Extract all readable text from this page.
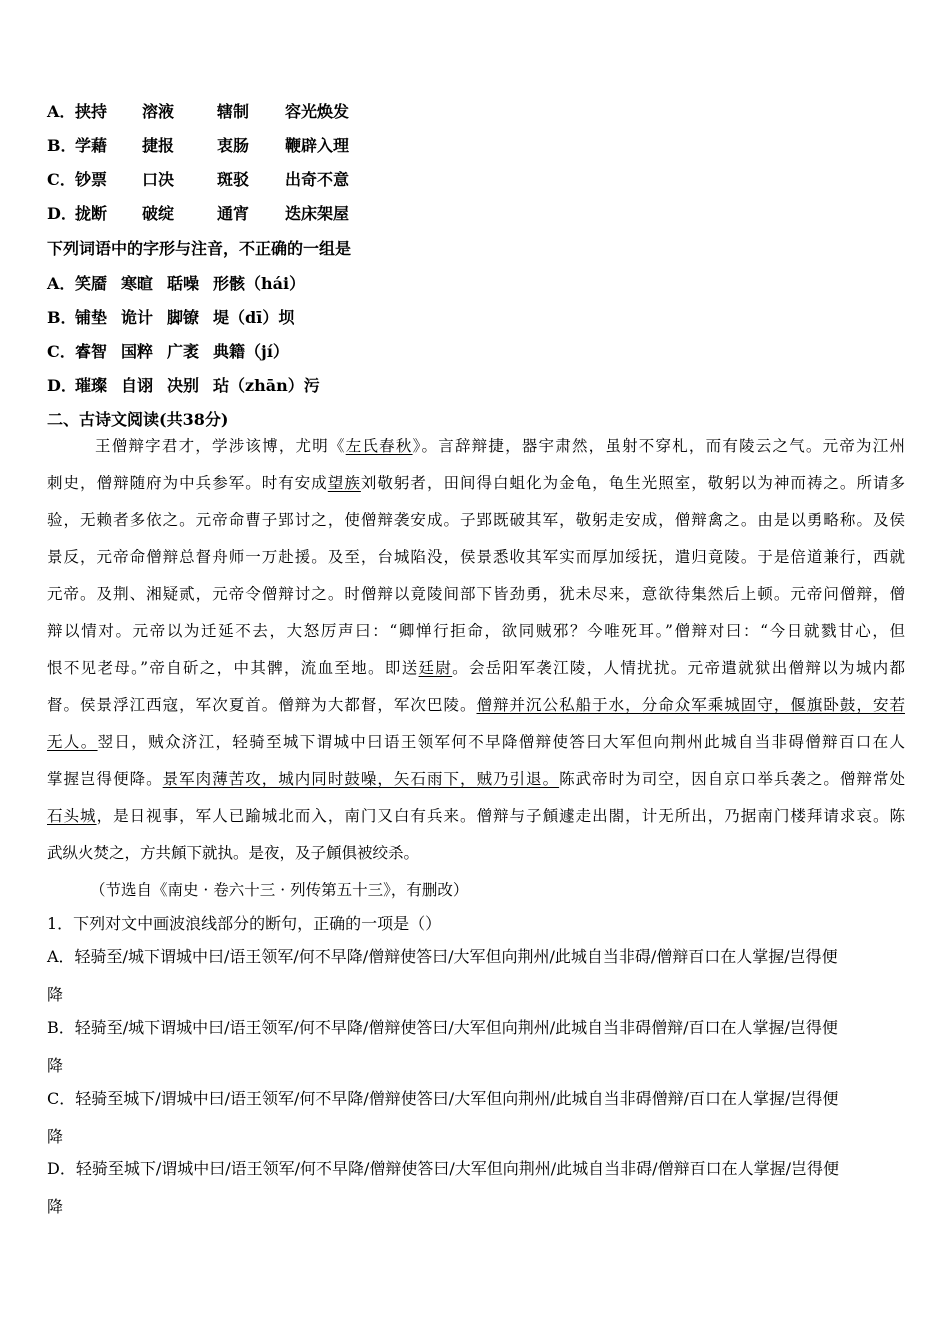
A．挟持 溶液	辖制 容光焕发
B．学藉 捷报	衷肠 鞭辟入理
C．钞票 口决	斑驳 出奇不意
D．拢断 破绽	通宵 迭床架屋
下列词语中的字形与注音，不正确的一组是
A．笑靥 寒暄 聒噪 形骸（hái）
B．铺垫 诡计 脚镣 堤（dī）坝
C．睿智 国粹 广袤 典籍（jí）
D．璀璨 自诩 决别 玷（zhān）污
二、古诗文阅读(共38分)
王僧辩字君才，学涉该博，尤明《左氏春秋》。言辞辩捷，器宇肃然，虽射不穿札，而有陵云之气。元帝为江州
刺史，僧辩随府为中兵参军。时有安成望族刘敬躬者，田间得白蛆化为金龟，龟生光照室，敬躬以为神而祷之。所请多
验，无赖者多依之。元帝命曹子郢讨之，使僧辩袭安成。子郢既破其军，敬躬走安成，僧辩禽之。由是以勇略称。及侯
景反，元帝命僧辩总督舟师一万赴援。及至，台城陷没，侯景悉收其军实而厚加绥抚，遣归竟陵。于是倍道兼行，西就
元帝。及荆、湘疑贰，元帝令僧辩讨之。时僧辩以竟陵间部下皆劲勇，犹未尽来，意欲待集然后上顿。元帝问僧辩，僧
辩以情对。元帝以为迁延不去，大怒厉声曰：“卿惮行拒命，欲同贼邪？今唯死耳。”僧辩对曰：“今日就戮甘心，但
恨不见老母。”帝自斫之，中其髀，流血至地。即送廷尉。会岳阳军袭江陵，人情扰扰。元帝遣就狱出僧辩以为城内都
督。侯景浮江西寇，军次夏首。僧辩为大都督，军次巴陵。僧辩并沉公私船于水，分命众军乘城固守，偃旗卧鼓，安若
无人。翌日，贼众济江，轻骑至城下谓城中曰语王领军何不早降僧辩使答曰大军但向荆州此城自当非碍僧辩百口在人
掌握岂得便降。景军肉薄苦攻，城内同时鼓噪，矢石雨下，贼乃引退。陈武帝时为司空，因自京口举兵袭之。僧辩常处
石头城，是日视事，军人已踰城北而入，南门又白有兵来。僧辩与子頠遽走出閤，计无所出，乃据南门楼拜请求哀。陈
武纵火焚之，方共頠下就执。是夜，及子頠俱被绞杀。
（节选自《南史 · 卷六十三 · 列传第五十三》，有删改）
1．下列对文中画波浪线部分的断句，正确的一项是（）
A．轻骑至/城下谓城中曰/语王领军/何不早降/僧辩使答曰/大军但向荆州/此城自当非碍/僧辩百口在人掌握/岂得便
降
B．轻骑至/城下谓城中曰/语王领军/何不早降/僧辩使答曰/大军但向荆州/此城自当非碍僧辩/百口在人掌握/岂得便
降
C．轻骑至城下/谓城中曰/语王领军/何不早降/僧辩使答曰/大军但向荆州/此城自当非碍僧辩/百口在人掌握/岂得便
降
D．轻骑至城下/谓城中曰/语王领军/何不早降/僧辩使答曰/大军但向荆州/此城自当非碍/僧辩百口在人掌握/岂得便
降
